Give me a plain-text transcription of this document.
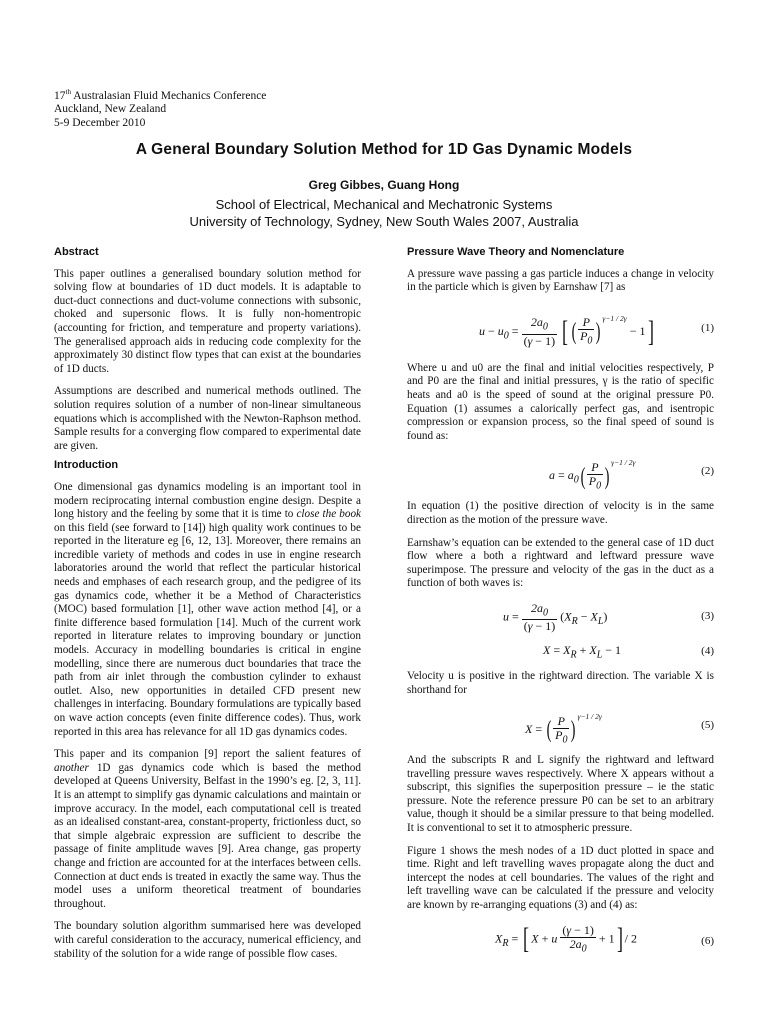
17th Australasian Fluid Mechanics Conference
Auckland, New Zealand
5-9 December 2010
A General Boundary Solution Method for 1D Gas Dynamic Models
Greg Gibbes, Guang Hong
School of Electrical, Mechanical and Mechatronic Systems
University of Technology, Sydney, New South Wales 2007, Australia
Abstract

This paper outlines a generalised boundary solution method for solving flow at boundaries of 1D duct models. It is adaptable to duct-duct connections and duct-volume connections with subsonic, choked and supersonic flows. It is fully non-homentropic (accounting for friction, and temperature and property variations). The generalised approach aids in reducing code complexity for the approximately 30 distinct flow types that can exist at the boundaries of 1D ducts.

Assumptions are described and numerical methods outlined. The solution requires solution of a number of non-linear simultaneous equations which is accomplished with the Newton-Raphson method. Sample results for a converging flow compared to experimental date are given.

Introduction

One dimensional gas dynamics modeling is an important tool in modern reciprocating internal combustion engine design. Despite a long history and the feeling by some that it is time to close the book on this field (see forward to [14]) high quality work continues to be reported in the literature eg [6, 12, 13]. Moreover, there remains an incredible variety of methods and codes in use in engine research laboratories around the world that reflect the particular historical needs and emphases of each research group, and the pedigree of its gas dynamics code, whether it be a Method of Characteristics (MOC) based formulation [1], other wave action method [4], or a finite difference based formulation [14]. Much of the current work reported in literature relates to improving boundary or junction models. Accuracy in modelling boundaries is critical in engine modelling, since there are numerous duct boundaries that trace the path from air inlet through the combustion cylinder to exhaust outlet. Also, new opportunities in detailed CFD present new challenges in interfacing. Boundary formulations are typically based on wave action concepts (even finite difference codes). Thus, work reported in this area has relevance for all 1D gas dynamics codes.

This paper and its companion [9] report the salient features of another 1D gas dynamics code which is based the method developed at Queens University, Belfast in the 1990’s eg. [2, 3, 11]. It is an attempt to simplify gas dynamic calculations and maintain or improve accuracy. In the model, each computational cell is treated as an idealised constant-area, constant-property, frictionless duct, so that simple algebraic expression are sufficient to describe the passage of finite amplitude waves [9]. Area change, gas property change and friction are accounted for at the interfaces between cells. Connection at duct ends is treated in exactly the same way. Thus the model uses a uniform theoretical treatment of boundaries throughout.

The boundary solution algorithm summarised here was developed with careful consideration to the accuracy, numerical efficiency, and stability of the solution for a wide range of possible flow cases.

Pressure Wave Theory and Nomenclature

A pressure wave passing a gas particle induces a change in velocity in the particle which is given by Earnshaw [7] as

$u - u_0 = \frac{2a_0}{(\gamma - 1)}$ [ ( $\frac{P}{P_0} )^{\gamma-1 / 2\gamma} - 1$]	(1)

Where u and u0 are the final and initial velocities respectively, P and P0 are the final and initial pressures, γ is the ratio of specific heats and a0 is the speed of sound at the original pressure P0. Equation (1) assumes a calorically perfect gas, and isentropic compression or expansion process, so the final speed of sound is found as:

$a = a_0( \frac{P}{P_0} )^{\gamma-1 / 2\gamma}$
(2)

In equation (1) the positive direction of velocity is in the same direction as the motion of the pressure wave.

Earnshaw’s equation can be extended to the general case of 1D duct flow where a both a rightward and leftward pressure wave superimpose. The pressure and velocity of the gas in the duct as a function of both waves is:

$u = \frac{2a_0}{(\gamma - 1)} (X_R - X_L)$	(3)
$X = X_R + X_L - 1$	(4)

Velocity u is positive in the rightward direction. The variable X is shorthand for

X = ( $\frac{P}{P_0} )^{\gamma-1 / 2\gamma}$
(5)

And the subscripts R and L signify the rightward and leftward travelling pressure waves respectively. Where X appears without a subscript, this signifies the superposition pressure – ie the static pressure. Note the reference pressure P0 can be set to an arbitrary value, though it should be a similar pressure to that being modelled. It is conventional to set it to atmospheric pressure.

Figure 1 shows the mesh nodes of a 1D duct plotted in space and time. Right and left travelling waves propagate along the duct and intercept the nodes at cell boundaries. The values of the right and left travelling wave can be calculated if the pressure and velocity are known by re-arranging equations (3) and (4) as:

$X_R$ = [ X + u $\frac{(\gamma - 1)}{2a_0} + 1] / 2$	(6)
